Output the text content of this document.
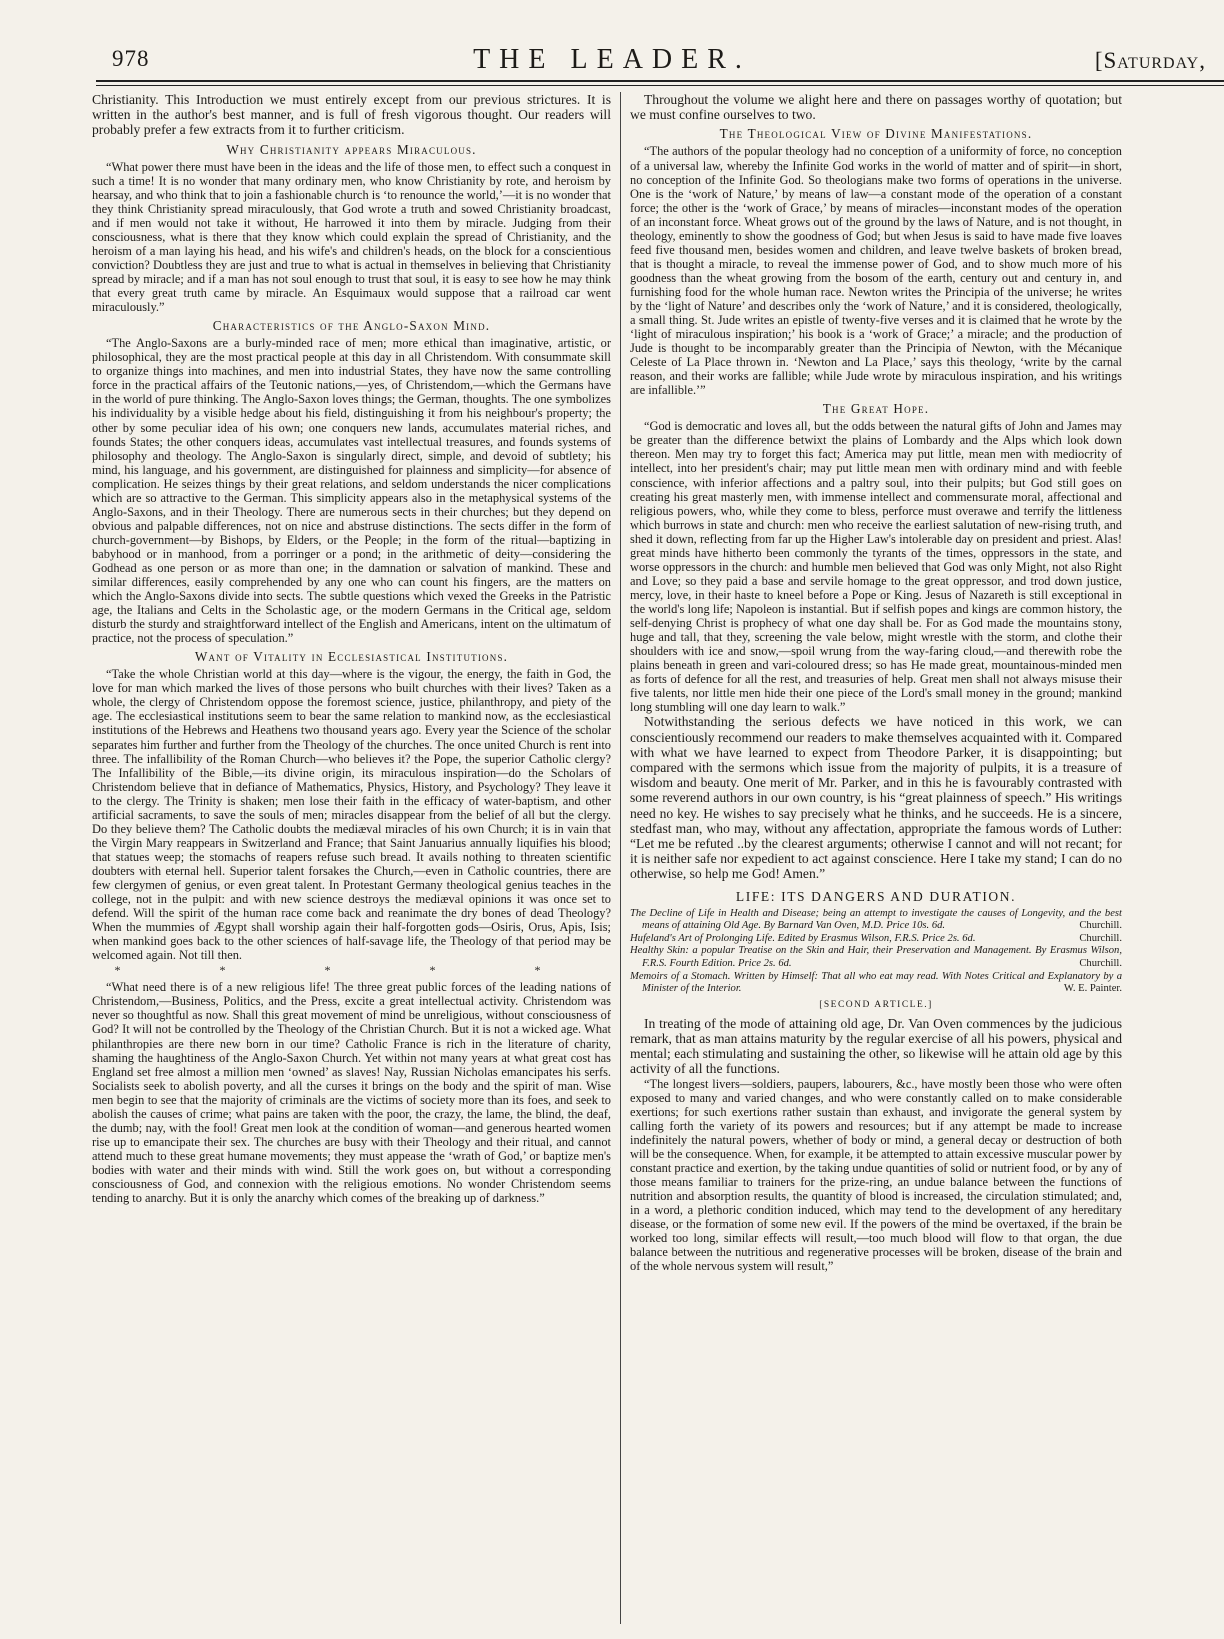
978	THE LEADER.	[Saturday,

Christianity. This Introduction we must entirely except from our previous strictures. It is written in the author's best manner, and is full of fresh vigorous thought. Our readers will probably prefer a few extracts from it to further criticism.

Why Christianity appears Miraculous.

“What power there must have been in the ideas and the life of those men, to effect such a conquest in such a time! It is no wonder that many ordinary men, who know Christianity by rote, and heroism by hearsay, and who think that to join a fashionable church is ‘to renounce the world,’—it is no wonder that they think Christianity spread miraculously, that God wrote a truth and sowed Christianity broadcast, and if men would not take it without, He harrowed it into them by miracle. Judging from their consciousness, what is there that they know which could explain the spread of Christianity, and the heroism of a man laying his head, and his wife's and children's heads, on the block for a conscientious conviction? Doubtless they are just and true to what is actual in themselves in believing that Christianity spread by miracle; and if a man has not soul enough to trust that soul, it is easy to see how he may think that every great truth came by miracle. An Esquimaux would suppose that a railroad car went miraculously.”

Characteristics of the Anglo-Saxon Mind.

“The Anglo-Saxons are a burly-minded race of men; more ethical than imaginative, artistic, or philosophical, they are the most practical people at this day in all Christendom. With consummate skill to organize things into machines, and men into industrial States, they have now the same controlling force in the practical affairs of the Teutonic nations,—yes, of Christendom,—which the Germans have in the world of pure thinking. The Anglo-Saxon loves things; the German, thoughts. The one symbolizes his individuality by a visible hedge about his field, distinguishing it from his neighbour's property; the other by some peculiar idea of his own; one conquers new lands, accumulates material riches, and founds States; the other conquers ideas, accumulates vast intellectual treasures, and founds systems of philosophy and theology. The Anglo-Saxon is singularly direct, simple, and devoid of subtlety; his mind, his language, and his government, are distinguished for plainness and simplicity—for absence of complication. He seizes things by their great relations, and seldom understands the nicer complications which are so attractive to the German. This simplicity appears also in the metaphysical systems of the Anglo-Saxons, and in their Theology. There are numerous sects in their churches; but they depend on obvious and palpable differences, not on nice and abstruse distinctions. The sects differ in the form of church-government—by Bishops, by Elders, or the People; in the form of the ritual—baptizing in babyhood or in manhood, from a porringer or a pond; in the arithmetic of deity—considering the Godhead as one person or as more than one; in the damnation or salvation of mankind. These and similar differences, easily comprehended by any one who can count his fingers, are the matters on which the Anglo-Saxons divide into sects. The subtle questions which vexed the Greeks in the Patristic age, the Italians and Celts in the Scholastic age, or the modern Germans in the Critical age, seldom disturb the sturdy and straightforward intellect of the English and Americans, intent on the ultimatum of practice, not the process of speculation.”

Want of Vitality in Ecclesiastical Institutions.

“Take the whole Christian world at this day—where is the vigour, the energy, the faith in God, the love for man which marked the lives of those persons who built churches with their lives? Taken as a whole, the clergy of Christendom oppose the foremost science, justice, philanthropy, and piety of the age. The ecclesiastical institutions seem to bear the same relation to mankind now, as the ecclesiastical institutions of the Hebrews and Heathens two thousand years ago. Every year the Science of the scholar separates him further and further from the Theology of the churches. The once united Church is rent into three. The infallibility of the Roman Church—who believes it? the Pope, the superior Catholic clergy? The Infallibility of the Bible,—its divine origin, its miraculous inspiration—do the Scholars of Christendom believe that in defiance of Mathematics, Physics, History, and Psychology? They leave it to the clergy. The Trinity is shaken; men lose their faith in the efficacy of water-baptism, and other artificial sacraments, to save the souls of men; miracles disappear from the belief of all but the clergy. Do they believe them? The Catholic doubts the mediæval miracles of his own Church; it is in vain that the Virgin Mary reappears in Switzerland and France; that Saint Januarius annually liquifies his blood; that statues weep; the stomachs of reapers refuse such bread. It avails nothing to threaten scientific doubters with eternal hell. Superior talent forsakes the Church,—even in Catholic countries, there are few clergymen of genius, or even great talent. In Protestant Germany theological genius teaches in the college, not in the pulpit: and with new science destroys the mediæval opinions it was once set to defend. Will the spirit of the human race come back and reanimate the dry bones of dead Theology? When the mummies of Ægypt shall worship again their half-forgotten gods—Osiris, Orus, Apis, Isis; when mankind goes back to the other sciences of half-savage life, the Theology of that period may be welcomed again. Not till then.

* * * * *

“What need there is of a new religious life! The three great public forces of the leading nations of Christendom,—Business, Politics, and the Press, excite a great intellectual activity. Christendom was never so thoughtful as now. Shall this great movement of mind be unreligious, without consciousness of God? It will not be controlled by the Theology of the Christian Church. But it is not a wicked age. What philanthropies are there new born in our time? Catholic France is rich in the literature of charity, shaming the haughtiness of the Anglo-Saxon Church. Yet within not many years at what great cost has England set free almost a million men ‘owned’ as slaves! Nay, Russian Nicholas emancipates his serfs. Socialists seek to abolish poverty, and all the curses it brings on the body and the spirit of man. Wise men begin to see that the majority of criminals are the victims of society more than its foes, and seek to abolish the causes of crime; what pains are taken with the poor, the crazy, the lame, the blind, the deaf, the dumb; nay, with the fool! Great men look at the condition of woman—and generous hearted women rise up to emancipate their sex. The churches are busy with their Theology and their ritual, and cannot attend much to these great humane movements; they must appease the ‘wrath of God,’ or baptize men's bodies with water and their minds with wind. Still the work goes on, but without a corresponding consciousness of God, and connexion with the religious emotions. No wonder Christendom seems tending to anarchy. But it is only the anarchy which comes of the breaking up of darkness.”

Throughout the volume we alight here and there on passages worthy of quotation; but we must confine ourselves to two.

The Theological View of Divine Manifestations.

“The authors of the popular theology had no conception of a uniformity of force, no conception of a universal law, whereby the Infinite God works in the world of matter and of spirit—in short, no conception of the Infinite God. So theologians make two forms of operations in the universe. One is the ‘work of Nature,’ by means of law—a constant mode of the operation of a constant force; the other is the ‘work of Grace,’ by means of miracles—inconstant modes of the operation of an inconstant force. Wheat grows out of the ground by the laws of Nature, and is not thought, in theology, eminently to show the goodness of God; but when Jesus is said to have made five loaves feed five thousand men, besides women and children, and leave twelve baskets of broken bread, that is thought a miracle, to reveal the immense power of God, and to show much more of his goodness than the wheat growing from the bosom of the earth, century out and century in, and furnishing food for the whole human race. Newton writes the Principia of the universe; he writes by the ‘light of Nature’ and describes only the ‘work of Nature,’ and it is considered, theologically, a small thing. St. Jude writes an epistle of twenty-five verses and it is claimed that he wrote by the ‘light of miraculous inspiration;’ his book is a ‘work of Grace;’ a miracle; and the production of Jude is thought to be incomparably greater than the Principia of Newton, with the Mécanique Celeste of La Place thrown in. ‘Newton and La Place,’ says this theology, ‘write by the carnal reason, and their works are fallible; while Jude wrote by miraculous inspiration, and his writings are infallible.’”

The Great Hope.

“God is democratic and loves all, but the odds between the natural gifts of John and James may be greater than the difference betwixt the plains of Lombardy and the Alps which look down thereon. Men may try to forget this fact; America may put little, mean men with mediocrity of intellect, into her president's chair; may put little mean men with ordinary mind and with feeble conscience, with inferior affections and a paltry soul, into their pulpits; but God still goes on creating his great masterly men, with immense intellect and commensurate moral, affectional and religious powers, who, while they come to bless, perforce must overawe and terrify the littleness which burrows in state and church: men who receive the earliest salutation of new-rising truth, and shed it down, reflecting from far up the Higher Law's intolerable day on president and priest. Alas! great minds have hitherto been commonly the tyrants of the times, oppressors in the state, and worse oppressors in the church: and humble men believed that God was only Might, not also Right and Love; so they paid a base and servile homage to the great oppressor, and trod down justice, mercy, love, in their haste to kneel before a Pope or King. Jesus of Nazareth is still exceptional in the world's long life; Napoleon is instantial. But if selfish popes and kings are common history, the self-denying Christ is prophecy of what one day shall be. For as God made the mountains stony, huge and tall, that they, screening the vale below, might wrestle with the storm, and clothe their shoulders with ice and snow,—spoil wrung from the way-faring cloud,—and therewith robe the plains beneath in green and vari-coloured dress; so has He made great, mountainous-minded men as forts of defence for all the rest, and treasuries of help. Great men shall not always misuse their five talents, nor little men hide their one piece of the Lord's small money in the ground; mankind long stumbling will one day learn to walk.”

Notwithstanding the serious defects we have noticed in this work, we can conscientiously recommend our readers to make themselves acquainted with it. Compared with what we have learned to expect from Theodore Parker, it is disappointing; but compared with the sermons which issue from the majority of pulpits, it is a treasure of wisdom and beauty. One merit of Mr. Parker, and in this he is favourably contrasted with some reverend authors in our own country, is his “great plainness of speech.” His writings need no key. He wishes to say precisely what he thinks, and he succeeds. He is a sincere, stedfast man, who may, without any affectation, appropriate the famous words of Luther: “Let me be refuted ..by the clearest arguments; otherwise I cannot and will not recant; for it is neither safe nor expedient to act against conscience. Here I take my stand; I can do no otherwise, so help me God! Amen.”

LIFE: ITS DANGERS AND DURATION.
The Decline of Life in Health and Disease; being an attempt to investigate the causes of Longevity, and the best means of attaining Old Age. By Barnard Van Oven, M.D. Price 10s. 6d.	Churchill.
Hufeland's Art of Prolonging Life. Edited by Erasmus Wilson, F.R.S. Price 2s. 6d.	Churchill.
Healthy Skin: a popular Treatise on the Skin and Hair, their Preservation and Management. By Erasmus Wilson, F.R.S. Fourth Edition. Price 2s. 6d.	Churchill.
Memoirs of a Stomach. Written by Himself: That all who eat may read. With Notes Critical and Explanatory by a Minister of the Interior.	W. E. Painter.
[SECOND ARTICLE.]

In treating of the mode of attaining old age, Dr. Van Oven commences by the judicious remark, that as man attains maturity by the regular exercise of all his powers, physical and mental; each stimulating and sustaining the other, so likewise will he attain old age by this activity of all the functions.

“The longest livers—soldiers, paupers, labourers, &c., have mostly been those who were often exposed to many and varied changes, and who were constantly called on to make considerable exertions; for such exertions rather sustain than exhaust, and invigorate the general system by calling forth the variety of its powers and resources; but if any attempt be made to increase indefinitely the natural powers, whether of body or mind, a general decay or destruction of both will be the consequence. When, for example, it be attempted to attain excessive muscular power by constant practice and exertion, by the taking undue quantities of solid or nutrient food, or by any of those means familiar to trainers for the prize-ring, an undue balance between the functions of nutrition and absorption results, the quantity of blood is increased, the circulation stimulated; and, in a word, a plethoric condition induced, which may tend to the development of any hereditary disease, or the formation of some new evil. If the powers of the mind be overtaxed, if the brain be worked too long, similar effects will result,—too much blood will flow to that organ, the due balance between the nutritious and regenerative processes will be broken, disease of the brain and of the whole nervous system will result,”
